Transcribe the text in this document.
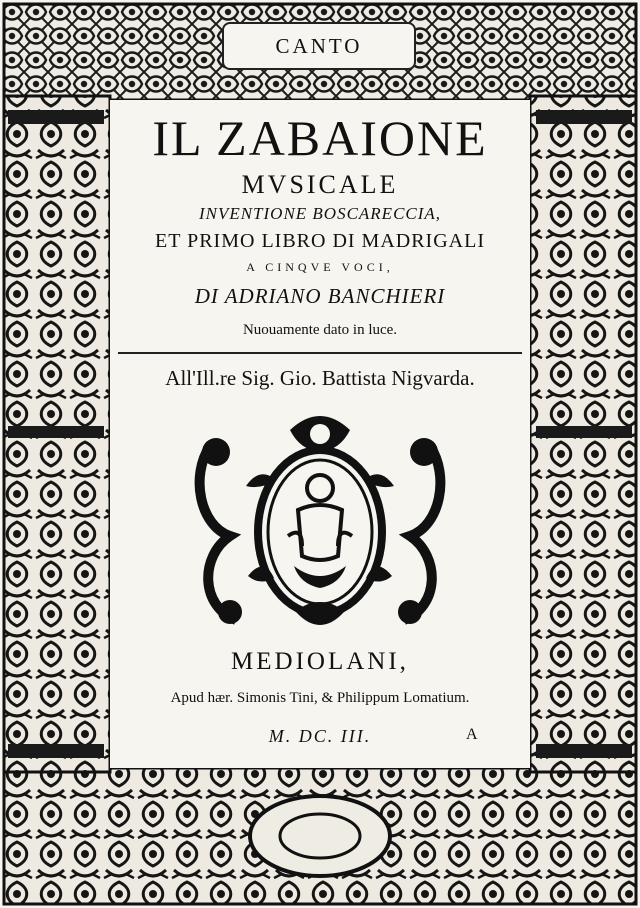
CANTO
IL ZABAIONE
MVSICALE
INVENTIONE BOSCARECCIA,
ET PRIMO LIBRO DI MADRIGALI
A CINQVE VOCI,
DI ADRIANO BANCHIERI
Nuouamente dato in luce.
All'Ill.re Sig. Gio. Battista Nigvarda.
MEDIOLANI,
Apud hær. Simonis Tini, & Philippum Lomatium.
M. DC. III.	A
